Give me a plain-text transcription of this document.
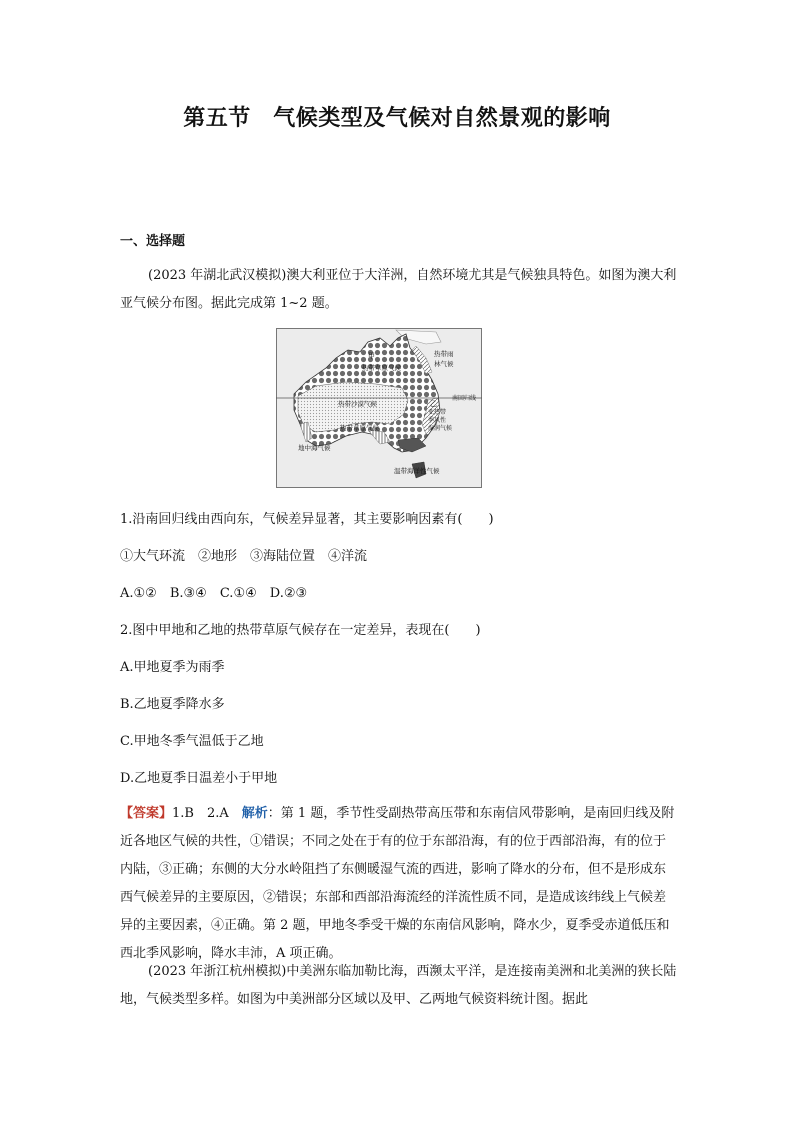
第五节　气候类型及气候对自然景观的影响
一、选择题
(2023 年湖北武汉模拟)澳大利亚位于大洋洲，自然环境尤其是气候独具特色。如图为澳大利亚气候分布图。据此完成第 1~2 题。
甲
热带草原气候
热带雨
林气候
热带沙漠气候
南回归线
热带草原气候
乙
亚热带
季风性
湿润气候
地中海气候
温带海洋性气候
1.沿南回归线由西向东，气候差异显著，其主要影响因素有(　　)
①大气环流　②地形　③海陆位置　④洋流
A.①②　B.③④　C.①④　D.②③
2.图中甲地和乙地的热带草原气候存在一定差异，表现在(　　)
A.甲地夏季为雨季
B.乙地夏季降水多
C.甲地冬季气温低于乙地
D.乙地夏季日温差小于甲地
【答案】1.B　2.A　解析：第 1 题，季节性受副热带高压带和东南信风带影响，是南回归线及附近各地区气候的共性，①错误；不同之处在于有的位于东部沿海，有的位于西部沿海，有的位于内陆，③正确；东侧的大分水岭阻挡了东侧暖湿气流的西进，影响了降水的分布，但不是形成东西气候差异的主要原因，②错误；东部和西部沿海流经的洋流性质不同，是造成该纬线上气候差异的主要因素，④正确。第 2 题，甲地冬季受干燥的东南信风影响，降水少，夏季受赤道低压和西北季风影响，降水丰沛，A 项正确。
(2023 年浙江杭州模拟)中美洲东临加勒比海，西濒太平洋，是连接南美洲和北美洲的狭长陆地，气候类型多样。如图为中美洲部分区域以及甲、乙两地气候资料统计图。据此
